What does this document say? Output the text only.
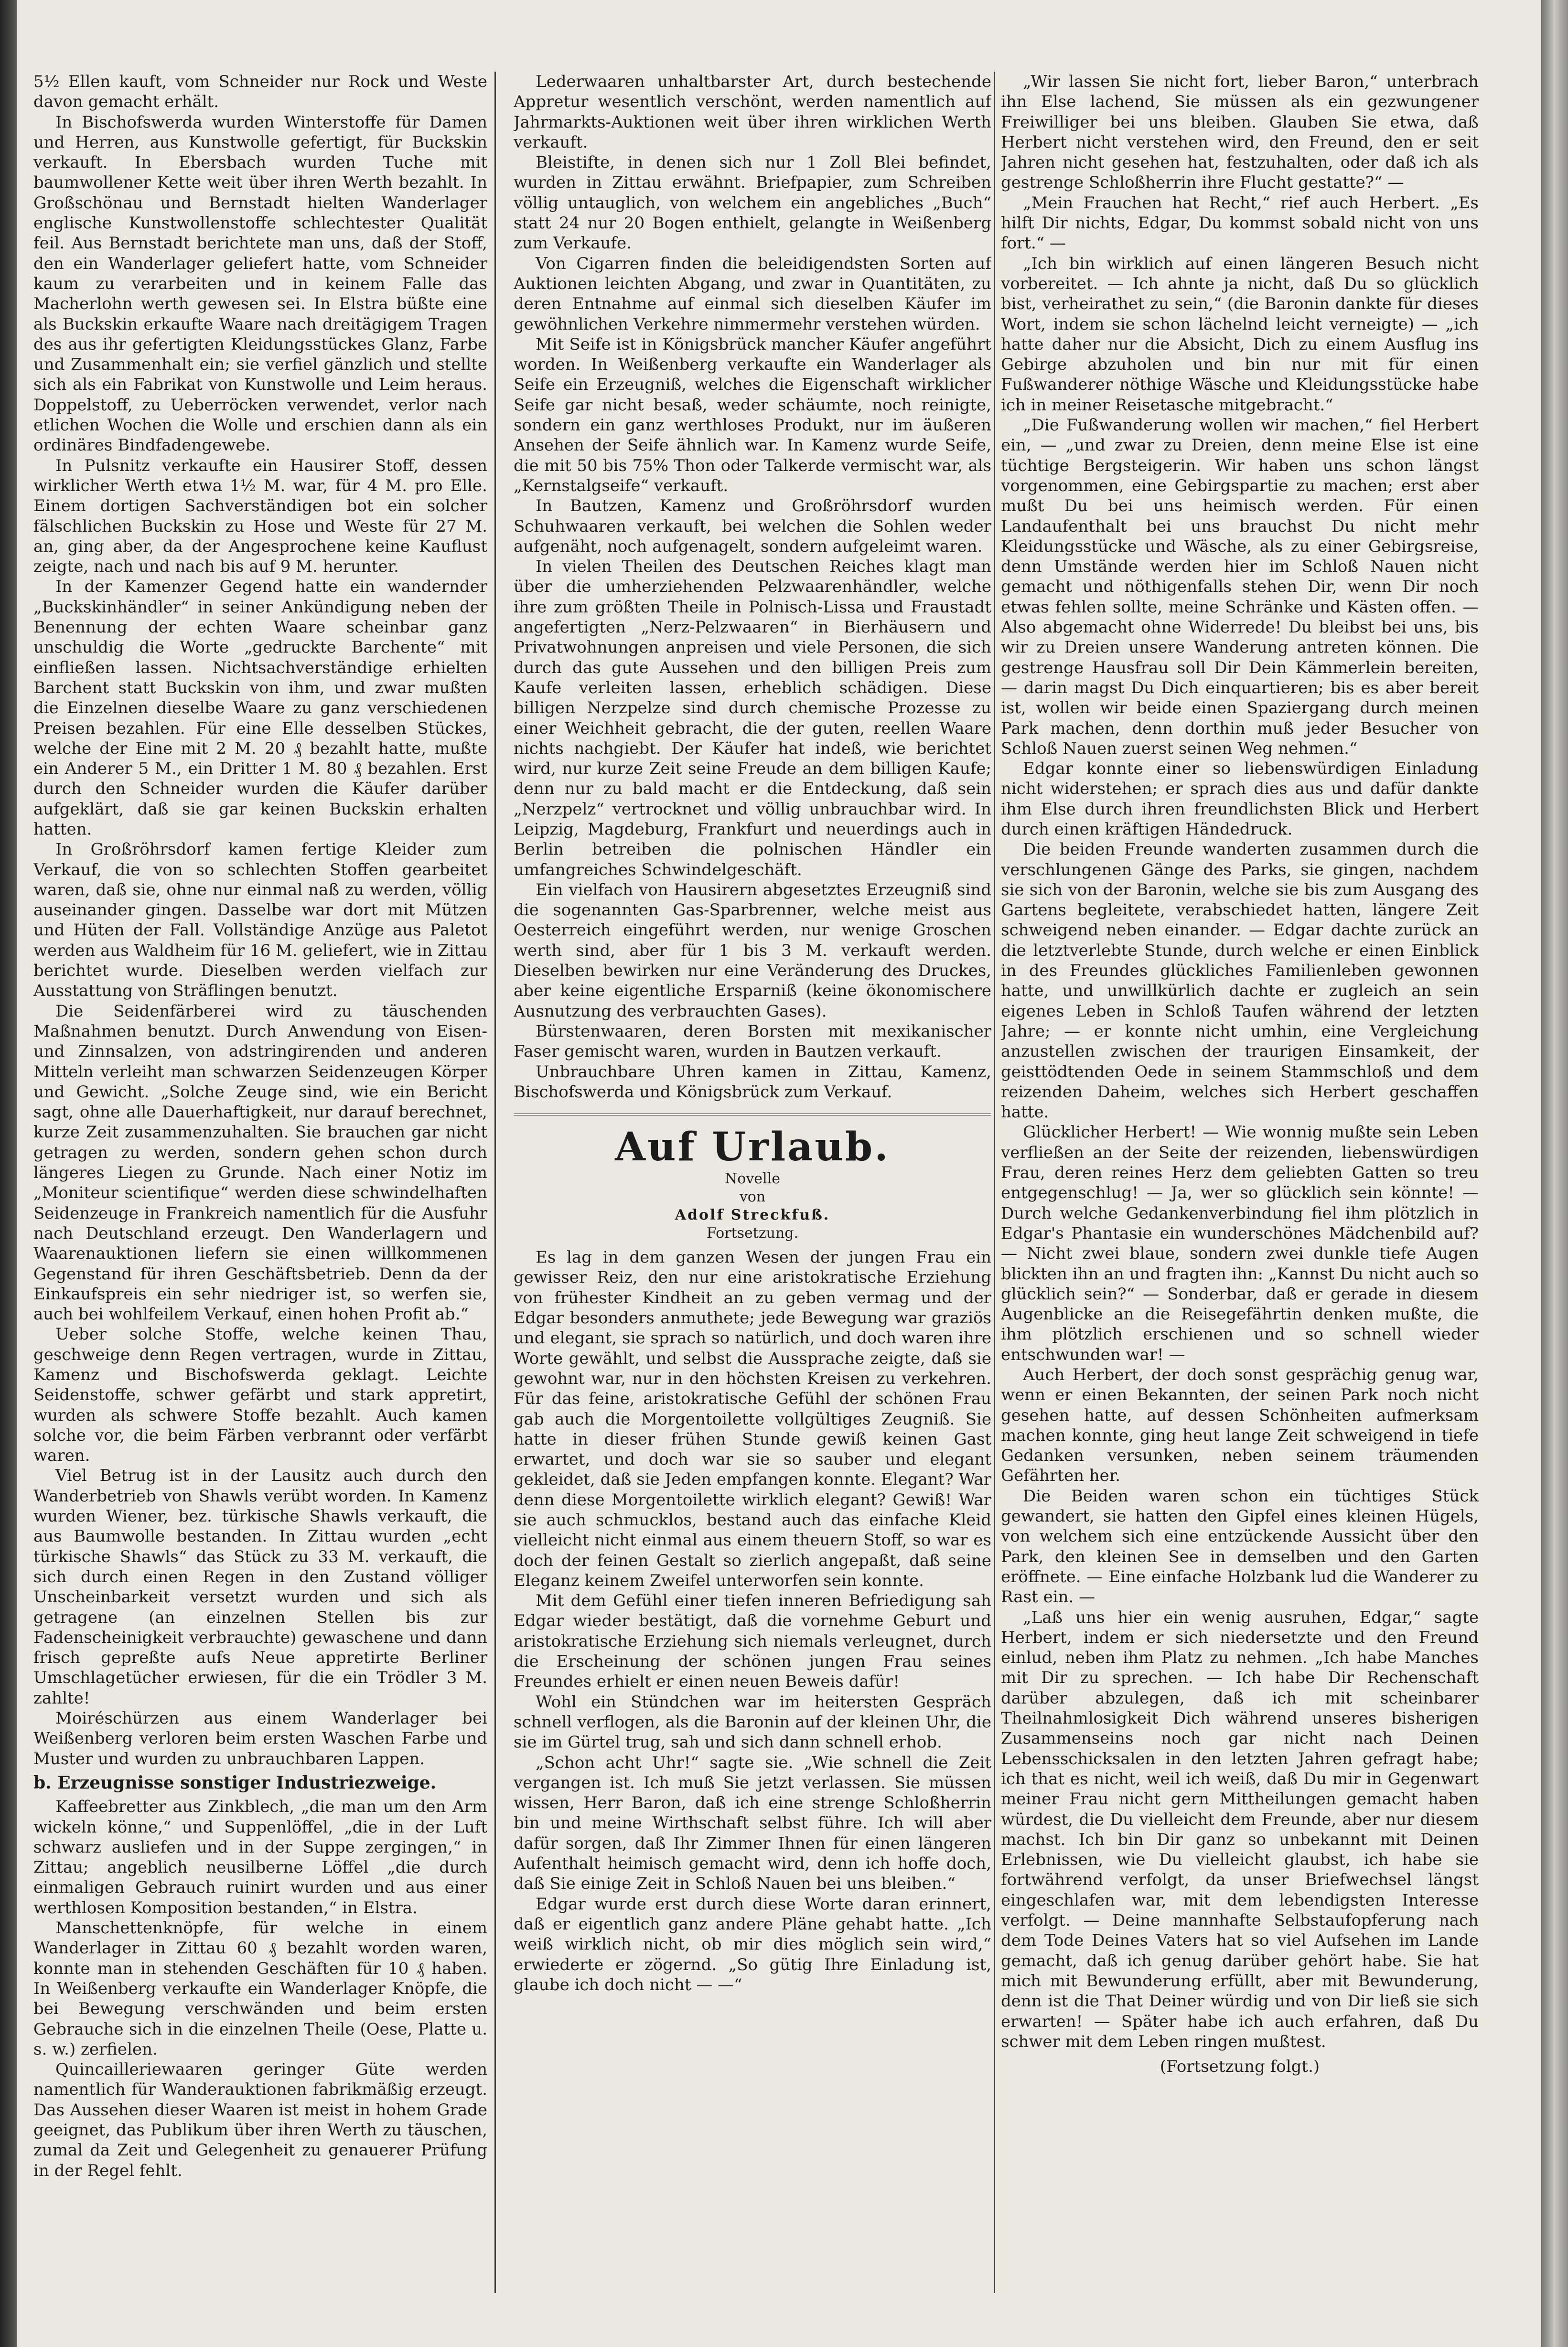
5½ Ellen kauft, vom Schneider nur Rock und Weste davon gemacht erhält.

In Bischofswerda wurden Winterstoffe für Damen und Herren, aus Kunstwolle gefertigt, für Buckskin verkauft. In Ebersbach wurden Tuche mit baumwollener Kette weit über ihren Werth bezahlt. In Großschönau und Bernstadt hielten Wanderlager englische Kunstwollenstoffe schlechtester Qualität feil. Aus Bernstadt berichtete man uns, daß der Stoff, den ein Wanderlager geliefert hatte, vom Schneider kaum zu verarbeiten und in keinem Falle das Macherlohn werth gewesen sei. In Elstra büßte eine als Buckskin erkaufte Waare nach dreitägigem Tragen des aus ihr gefertigten Kleidungsstückes Glanz, Farbe und Zusammenhalt ein; sie verfiel gänzlich und stellte sich als ein Fabrikat von Kunstwolle und Leim heraus. Doppelstoff, zu Ueberröcken verwendet, verlor nach etlichen Wochen die Wolle und erschien dann als ein ordinäres Bindfadengewebe.

In Pulsnitz verkaufte ein Hausirer Stoff, dessen wirklicher Werth etwa 1½ M. war, für 4 M. pro Elle. Einem dortigen Sachverständigen bot ein solcher fälschlichen Buckskin zu Hose und Weste für 27 M. an, ging aber, da der Angesprochene keine Kauflust zeigte, nach und nach bis auf 9 M. herunter.

In der Kamenzer Gegend hatte ein wandernder „Buckskinhändler“ in seiner Ankündigung neben der Benennung der echten Waare scheinbar ganz unschuldig die Worte „gedruckte Barchente“ mit einfließen lassen. Nichtsachverständige erhielten Barchent statt Buckskin von ihm, und zwar mußten die Einzelnen dieselbe Waare zu ganz verschiedenen Preisen bezahlen. Für eine Elle desselben Stückes, welche der Eine mit 2 M. 20 ₰ bezahlt hatte, mußte ein Anderer 5 M., ein Dritter 1 M. 80 ₰ bezahlen. Erst durch den Schneider wurden die Käufer darüber aufgeklärt, daß sie gar keinen Buckskin erhalten hatten.

In Großröhrsdorf kamen fertige Kleider zum Verkauf, die von so schlechten Stoffen gearbeitet waren, daß sie, ohne nur einmal naß zu werden, völlig auseinander gingen. Dasselbe war dort mit Mützen und Hüten der Fall. Vollständige Anzüge aus Paletot werden aus Waldheim für 16 M. geliefert, wie in Zittau berichtet wurde. Dieselben werden vielfach zur Ausstattung von Sträflingen benutzt.

Die Seidenfärberei wird zu täuschenden Maßnahmen benutzt. Durch Anwendung von Eisen- und Zinnsalzen, von adstringirenden und anderen Mitteln verleiht man schwarzen Seidenzeugen Körper und Gewicht. „Solche Zeuge sind, wie ein Bericht sagt, ohne alle Dauerhaftigkeit, nur darauf berechnet, kurze Zeit zusammenzuhalten. Sie brauchen gar nicht getragen zu werden, sondern gehen schon durch längeres Liegen zu Grunde. Nach einer Notiz im „Moniteur scientifique“ werden diese schwindelhaften Seidenzeuge in Frankreich namentlich für die Ausfuhr nach Deutschland erzeugt. Den Wanderlagern und Waarenauktionen liefern sie einen willkommenen Gegenstand für ihren Geschäftsbetrieb. Denn da der Einkaufspreis ein sehr niedriger ist, so werfen sie, auch bei wohlfeilem Verkauf, einen hohen Profit ab.“

Ueber solche Stoffe, welche keinen Thau, geschweige denn Regen vertragen, wurde in Zittau, Kamenz und Bischofswerda geklagt. Leichte Seidenstoffe, schwer gefärbt und stark appretirt, wurden als schwere Stoffe bezahlt. Auch kamen solche vor, die beim Färben verbrannt oder verfärbt waren.

Viel Betrug ist in der Lausitz auch durch den Wanderbetrieb von Shawls verübt worden. In Kamenz wurden Wiener, bez. türkische Shawls verkauft, die aus Baumwolle bestanden. In Zittau wurden „echt türkische Shawls“ das Stück zu 33 M. verkauft, die sich durch einen Regen in den Zustand völliger Unscheinbarkeit versetzt wurden und sich als getragene (an einzelnen Stellen bis zur Fadenscheinigkeit verbrauchte) gewaschene und dann frisch gepreßte aufs Neue appretirte Berliner Umschlagetücher erwiesen, für die ein Trödler 3 M. zahlte!

Moiréschürzen aus einem Wanderlager bei Weißenberg verloren beim ersten Waschen Farbe und Muster und wurden zu unbrauchbaren Lappen.

b. Erzeugnisse sonstiger Industriezweige.

Kaffeebretter aus Zinkblech, „die man um den Arm wickeln könne,“ und Suppenlöffel, „die in der Luft schwarz ausliefen und in der Suppe zergingen,“ in Zittau; angeblich neusilberne Löffel „die durch einmaligen Gebrauch ruinirt wurden und aus einer werthlosen Komposition bestanden,“ in Elstra.

Manschettenknöpfe, für welche in einem Wanderlager in Zittau 60 ₰ bezahlt worden waren, konnte man in stehenden Geschäften für 10 ₰ haben. In Weißenberg verkaufte ein Wanderlager Knöpfe, die bei Bewegung verschwänden und beim ersten Gebrauche sich in die einzelnen Theile (Oese, Platte u. s. w.) zerfielen.

Quincailleriewaaren geringer Güte werden namentlich für Wanderauktionen fabrikmäßig erzeugt. Das Aussehen dieser Waaren ist meist in hohem Grade geeignet, das Publikum über ihren Werth zu täuschen, zumal da Zeit und Gelegenheit zu genauerer Prüfung in der Regel fehlt.

Lederwaaren unhaltbarster Art, durch bestechende Appretur wesentlich verschönt, werden namentlich auf Jahrmarkts-Auktionen weit über ihren wirklichen Werth verkauft.

Bleistifte, in denen sich nur 1 Zoll Blei befindet, wurden in Zittau erwähnt. Briefpapier, zum Schreiben völlig untauglich, von welchem ein angebliches „Buch“ statt 24 nur 20 Bogen enthielt, gelangte in Weißenberg zum Verkaufe.

Von Cigarren finden die beleidigendsten Sorten auf Auktionen leichten Abgang, und zwar in Quantitäten, zu deren Entnahme auf einmal sich dieselben Käufer im gewöhnlichen Verkehre nimmermehr verstehen würden.

Mit Seife ist in Königsbrück mancher Käufer angeführt worden. In Weißenberg verkaufte ein Wanderlager als Seife ein Erzeugniß, welches die Eigenschaft wirklicher Seife gar nicht besaß, weder schäumte, noch reinigte, sondern ein ganz werthloses Produkt, nur im äußeren Ansehen der Seife ähnlich war. In Kamenz wurde Seife, die mit 50 bis 75% Thon oder Talkerde vermischt war, als „Kernstalgseife“ verkauft.

In Bautzen, Kamenz und Großröhrsdorf wurden Schuhwaaren verkauft, bei welchen die Sohlen weder aufgenäht, noch aufgenagelt, sondern aufgeleimt waren.

In vielen Theilen des Deutschen Reiches klagt man über die umherziehenden Pelzwaarenhändler, welche ihre zum größten Theile in Polnisch-Lissa und Fraustadt angefertigten „Nerz-Pelzwaaren“ in Bierhäusern und Privatwohnungen anpreisen und viele Personen, die sich durch das gute Aussehen und den billigen Preis zum Kaufe verleiten lassen, erheblich schädigen. Diese billigen Nerzpelze sind durch chemische Prozesse zu einer Weichheit gebracht, die der guten, reellen Waare nichts nachgiebt. Der Käufer hat indeß, wie berichtet wird, nur kurze Zeit seine Freude an dem billigen Kaufe; denn nur zu bald macht er die Entdeckung, daß sein „Nerzpelz“ vertrocknet und völlig unbrauchbar wird. In Leipzig, Magdeburg, Frankfurt und neuerdings auch in Berlin betreiben die polnischen Händler ein umfangreiches Schwindelgeschäft.

Ein vielfach von Hausirern abgesetztes Erzeugniß sind die sogenannten Gas-Sparbrenner, welche meist aus Oesterreich eingeführt werden, nur wenige Groschen werth sind, aber für 1 bis 3 M. verkauft werden. Dieselben bewirken nur eine Veränderung des Druckes, aber keine eigentliche Ersparniß (keine ökonomischere Ausnutzung des verbrauchten Gases).

Bürstenwaaren, deren Borsten mit mexikanischer Faser gemischt waren, wurden in Bautzen verkauft.

Unbrauchbare Uhren kamen in Zittau, Kamenz, Bischofswerda und Königsbrück zum Verkauf.

Auf Urlaub.
Novelle
von
Adolf Streckfuß.
Fortsetzung.

Es lag in dem ganzen Wesen der jungen Frau ein gewisser Reiz, den nur eine aristokratische Erziehung von frühester Kindheit an zu geben vermag und der Edgar besonders anmuthete; jede Bewegung war graziös und elegant, sie sprach so natürlich, und doch waren ihre Worte gewählt, und selbst die Aussprache zeigte, daß sie gewohnt war, nur in den höchsten Kreisen zu verkehren. Für das feine, aristokratische Gefühl der schönen Frau gab auch die Morgentoilette vollgültiges Zeugniß. Sie hatte in dieser frühen Stunde gewiß keinen Gast erwartet, und doch war sie so sauber und elegant gekleidet, daß sie Jeden empfangen konnte. Elegant? War denn diese Morgentoilette wirklich elegant? Gewiß! War sie auch schmucklos, bestand auch das einfache Kleid vielleicht nicht einmal aus einem theuern Stoff, so war es doch der feinen Gestalt so zierlich angepaßt, daß seine Eleganz keinem Zweifel unterworfen sein konnte.

Mit dem Gefühl einer tiefen inneren Befriedigung sah Edgar wieder bestätigt, daß die vornehme Geburt und aristokratische Erziehung sich niemals verleugnet, durch die Erscheinung der schönen jungen Frau seines Freundes erhielt er einen neuen Beweis dafür!

Wohl ein Stündchen war im heitersten Gespräch schnell verflogen, als die Baronin auf der kleinen Uhr, die sie im Gürtel trug, sah und sich dann schnell erhob.

„Schon acht Uhr!“ sagte sie. „Wie schnell die Zeit vergangen ist. Ich muß Sie jetzt verlassen. Sie müssen wissen, Herr Baron, daß ich eine strenge Schloßherrin bin und meine Wirthschaft selbst führe. Ich will aber dafür sorgen, daß Ihr Zimmer Ihnen für einen längeren Aufenthalt heimisch gemacht wird, denn ich hoffe doch, daß Sie einige Zeit in Schloß Nauen bei uns bleiben.“

Edgar wurde erst durch diese Worte daran erinnert, daß er eigentlich ganz andere Pläne gehabt hatte. „Ich weiß wirklich nicht, ob mir dies möglich sein wird,“ erwiederte er zögernd. „So gütig Ihre Einladung ist, glaube ich doch nicht — —“

„Wir lassen Sie nicht fort, lieber Baron,“ unterbrach ihn Else lachend, Sie müssen als ein gezwungener Freiwilliger bei uns bleiben. Glauben Sie etwa, daß Herbert nicht verstehen wird, den Freund, den er seit Jahren nicht gesehen hat, festzuhalten, oder daß ich als gestrenge Schloßherrin ihre Flucht gestatte?“ —

„Mein Frauchen hat Recht,“ rief auch Herbert. „Es hilft Dir nichts, Edgar, Du kommst sobald nicht von uns fort.“ —

„Ich bin wirklich auf einen längeren Besuch nicht vorbereitet. — Ich ahnte ja nicht, daß Du so glücklich bist, verheirathet zu sein,“ (die Baronin dankte für dieses Wort, indem sie schon lächelnd leicht verneigte) — „ich hatte daher nur die Absicht, Dich zu einem Ausflug ins Gebirge abzuholen und bin nur mit für einen Fußwanderer nöthige Wäsche und Kleidungsstücke habe ich in meiner Reisetasche mitgebracht.“

„Die Fußwanderung wollen wir machen,“ fiel Herbert ein, — „und zwar zu Dreien, denn meine Else ist eine tüchtige Bergsteigerin. Wir haben uns schon längst vorgenommen, eine Gebirgspartie zu machen; erst aber mußt Du bei uns heimisch werden. Für einen Landaufenthalt bei uns brauchst Du nicht mehr Kleidungsstücke und Wäsche, als zu einer Gebirgsreise, denn Umstände werden hier im Schloß Nauen nicht gemacht und nöthigenfalls stehen Dir, wenn Dir noch etwas fehlen sollte, meine Schränke und Kästen offen. — Also abgemacht ohne Widerrede! Du bleibst bei uns, bis wir zu Dreien unsere Wanderung antreten können. Die gestrenge Hausfrau soll Dir Dein Kämmerlein bereiten, — darin magst Du Dich einquartieren; bis es aber bereit ist, wollen wir beide einen Spaziergang durch meinen Park machen, denn dorthin muß jeder Besucher von Schloß Nauen zuerst seinen Weg nehmen.“

Edgar konnte einer so liebenswürdigen Einladung nicht widerstehen; er sprach dies aus und dafür dankte ihm Else durch ihren freundlichsten Blick und Herbert durch einen kräftigen Händedruck.

Die beiden Freunde wanderten zusammen durch die verschlungenen Gänge des Parks, sie gingen, nachdem sie sich von der Baronin, welche sie bis zum Ausgang des Gartens begleitete, verabschiedet hatten, längere Zeit schweigend neben einander. — Edgar dachte zurück an die letztverlebte Stunde, durch welche er einen Einblick in des Freundes glückliches Familienleben gewonnen hatte, und unwillkürlich dachte er zugleich an sein eigenes Leben in Schloß Taufen während der letzten Jahre; — er konnte nicht umhin, eine Vergleichung anzustellen zwischen der traurigen Einsamkeit, der geisttödtenden Oede in seinem Stammschloß und dem reizenden Daheim, welches sich Herbert geschaffen hatte.

Glücklicher Herbert! — Wie wonnig mußte sein Leben verfließen an der Seite der reizenden, liebenswürdigen Frau, deren reines Herz dem geliebten Gatten so treu entgegenschlug! — Ja, wer so glücklich sein könnte! — Durch welche Gedankenverbindung fiel ihm plötzlich in Edgar's Phantasie ein wunderschönes Mädchenbild auf? — Nicht zwei blaue, sondern zwei dunkle tiefe Augen blickten ihn an und fragten ihn: „Kannst Du nicht auch so glücklich sein?“ — Sonderbar, daß er gerade in diesem Augenblicke an die Reisegefährtin denken mußte, die ihm plötzlich erschienen und so schnell wieder entschwunden war! —

Auch Herbert, der doch sonst gesprächig genug war, wenn er einen Bekannten, der seinen Park noch nicht gesehen hatte, auf dessen Schönheiten aufmerksam machen konnte, ging heut lange Zeit schweigend in tiefe Gedanken versunken, neben seinem träumenden Gefährten her.

Die Beiden waren schon ein tüchtiges Stück gewandert, sie hatten den Gipfel eines kleinen Hügels, von welchem sich eine entzückende Aussicht über den Park, den kleinen See in demselben und den Garten eröffnete. — Eine einfache Holzbank lud die Wanderer zu Rast ein. —

„Laß uns hier ein wenig ausruhen, Edgar,“ sagte Herbert, indem er sich niedersetzte und den Freund einlud, neben ihm Platz zu nehmen. „Ich habe Manches mit Dir zu sprechen. — Ich habe Dir Rechenschaft darüber abzulegen, daß ich mit scheinbarer Theilnahmlosigkeit Dich während unseres bisherigen Zusammenseins noch gar nicht nach Deinen Lebensschicksalen in den letzten Jahren gefragt habe; ich that es nicht, weil ich weiß, daß Du mir in Gegenwart meiner Frau nicht gern Mittheilungen gemacht haben würdest, die Du vielleicht dem Freunde, aber nur diesem machst. Ich bin Dir ganz so unbekannt mit Deinen Erlebnissen, wie Du vielleicht glaubst, ich habe sie fortwährend verfolgt, da unser Briefwechsel längst eingeschlafen war, mit dem lebendigsten Interesse verfolgt. — Deine mannhafte Selbstaufopferung nach dem Tode Deines Vaters hat so viel Aufsehen im Lande gemacht, daß ich genug darüber gehört habe. Sie hat mich mit Bewunderung erfüllt, aber mit Bewunderung, denn ist die That Deiner würdig und von Dir ließ sie sich erwarten! — Später habe ich auch erfahren, daß Du schwer mit dem Leben ringen mußtest.

(Fortsetzung folgt.)
